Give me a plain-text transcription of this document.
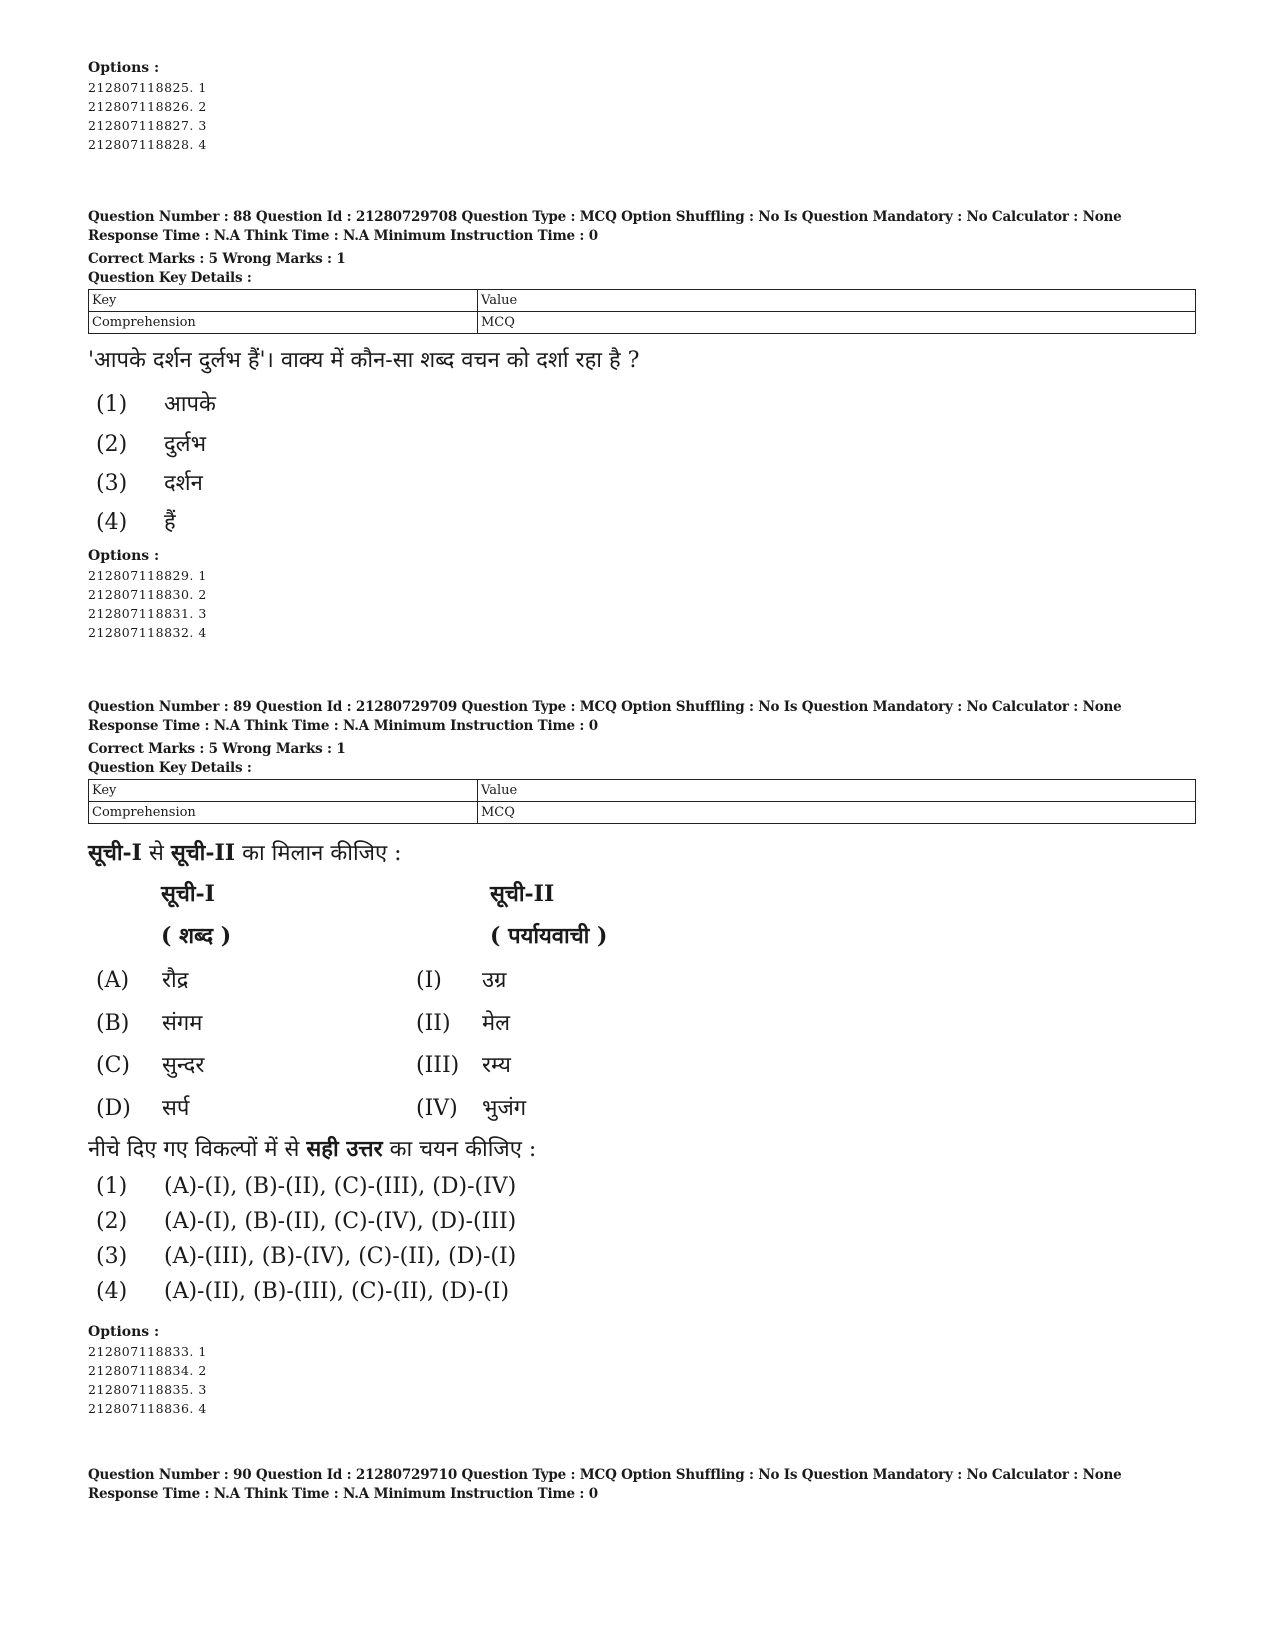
Options :
212807118825. 1
212807118826. 2
212807118827. 3
212807118828. 4
Question Number : 88 Question Id : 21280729708 Question Type : MCQ Option Shuffling : No Is Question Mandatory : No Calculator : None
Response Time : N.A Think Time : N.A Minimum Instruction Time : 0
Correct Marks : 5 Wrong Marks : 1
Question Key Details :
Key	Value
Comprehension	MCQ
'आपके दर्शन दुर्लभ हैं'। वाक्य में कौन-सा शब्द वचन को दर्शा रहा है ?
(1) आपके
(2) दुर्लभ
(3) दर्शन
(4) हैं
Options :
212807118829. 1
212807118830. 2
212807118831. 3
212807118832. 4
Question Number : 89 Question Id : 21280729709 Question Type : MCQ Option Shuffling : No Is Question Mandatory : No Calculator : None
Response Time : N.A Think Time : N.A Minimum Instruction Time : 0
Correct Marks : 5 Wrong Marks : 1
Question Key Details :
Key	Value
Comprehension	MCQ
सूची-I से सूची-II का मिलान कीजिए :
सूची-I
( शब्द )
सूची-II
( पर्यायवाची )
(A) रौद्र	(I) उग्र
(B) संगम	(II) मेल
(C) सुन्दर	(III) रम्य
(D) सर्प	(IV) भुजंग
नीचे दिए गए विकल्पों में से सही उत्तर का चयन कीजिए :
(1) (A)-(I), (B)-(II), (C)-(III), (D)-(IV)
(2) (A)-(I), (B)-(II), (C)-(IV), (D)-(III)
(3) (A)-(III), (B)-(IV), (C)-(II), (D)-(I)
(4) (A)-(II), (B)-(III), (C)-(II), (D)-(I)
Options :
212807118833. 1
212807118834. 2
212807118835. 3
212807118836. 4
Question Number : 90 Question Id : 21280729710 Question Type : MCQ Option Shuffling : No Is Question Mandatory : No Calculator : None
Response Time : N.A Think Time : N.A Minimum Instruction Time : 0
